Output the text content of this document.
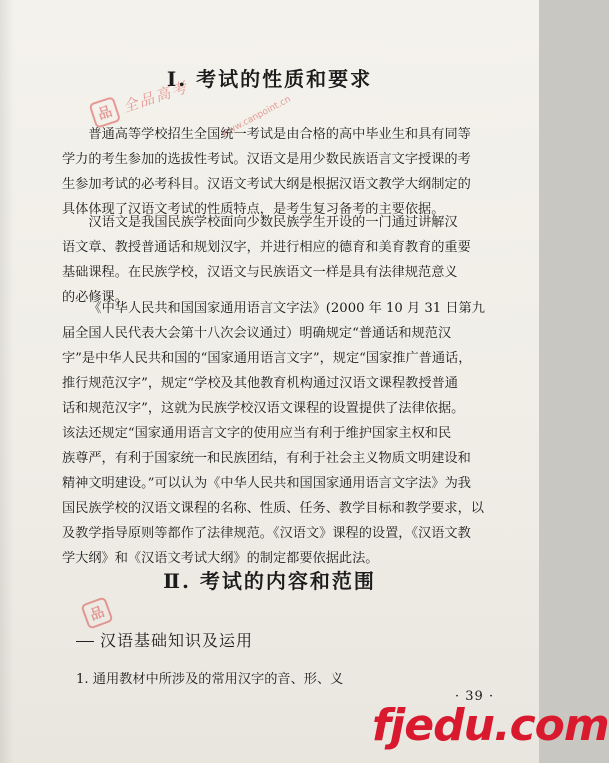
品 全品高考	www.canpoint.cn
Ⅰ. 考试的性质和要求
普通高等学校招生全国统一考试是由合格的高中毕业生和具有同等
学力的考生参加的选拔性考试。汉语文是用少数民族语言文字授课的考
生参加考试的必考科目。汉语文考试大纲是根据汉语文教学大纲制定的
具体体现了汉语文考试的性质特点，是考生复习备考的主要依据。
汉语文是我国民族学校面向少数民族学生开设的一门通过讲解汉
语文章、教授普通话和规划汉字，并进行相应的德育和美育教育的重要
基础课程。在民族学校，汉语文与民族语文一样是具有法律规范意义
的必修课。
《中华人民共和国国家通用语言文字法》(2000 年 10 月 31 日第九
届全国人民代表大会第十八次会议通过）明确规定“普通话和规范汉
字”是中华人民共和国的“国家通用语言文字”，规定“国家推广普通话，
推行规范汉字”，规定“学校及其他教育机构通过汉语文课程教授普通
话和规范汉字”，这就为民族学校汉语文课程的设置提供了法律依据。
该法还规定“国家通用语言文字的使用应当有利于维护国家主权和民
族尊严，有利于国家统一和民族团结，有利于社会主义物质文明建设和
精神文明建设。”可以认为《中华人民共和国国家通用语言文字法》为我
国民族学校的汉语文课程的名称、性质、任务、教学目标和教学要求，以
及教学指导原则等都作了法律规范。《汉语文》课程的设置，《汉语文教
学大纲》和《汉语文考试大纲》的制定都要依据此法。
Ⅱ. 考试的内容和范围
品
汉语基础知识及运用
1. 通用教材中所涉及的常用汉字的音、形、义
· 39 ·
fjedu.com
